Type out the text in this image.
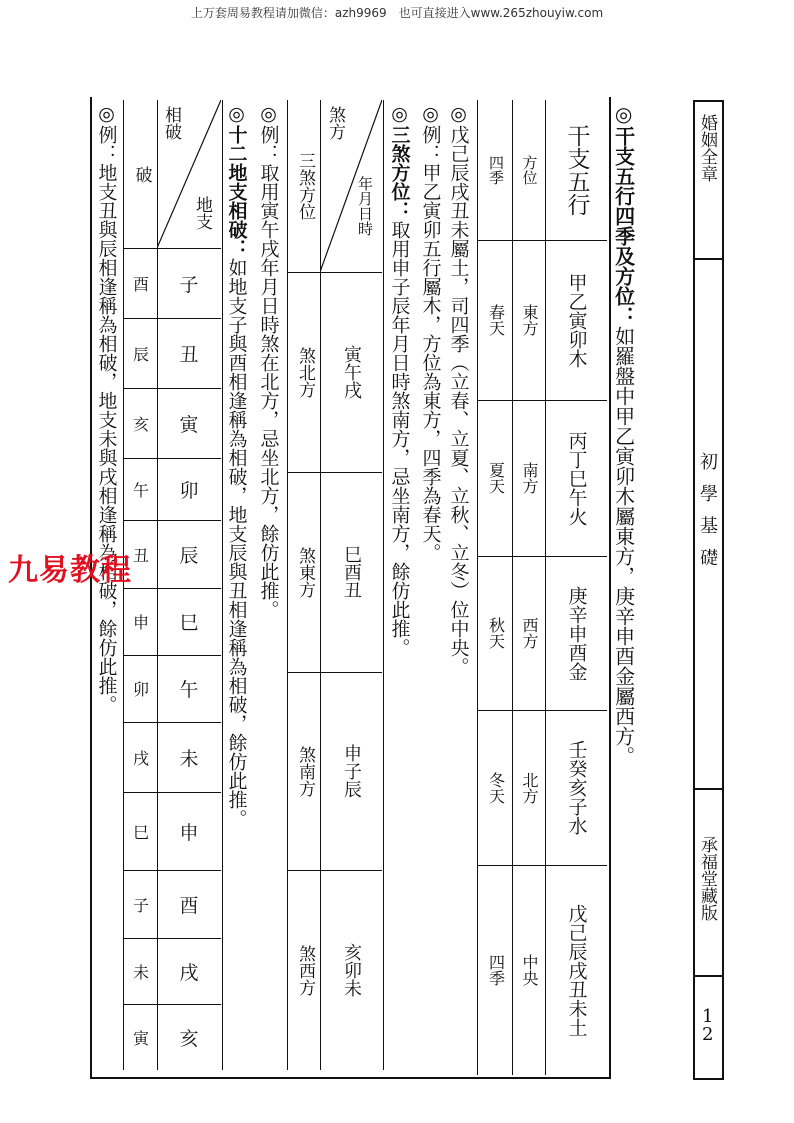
上万套周易教程请加微信：azh9969　也可直接进入www.265zhouyiw.com
婚姻全章
初學基礎
承福堂藏版
12
◎干支五行四季及方位：如羅盤中甲乙寅卯木屬東方，庚辛申酉金屬西方。
干支五行
方位
四季
甲乙寅卯木
東方
春天
丙丁巳午火
南方
夏天
庚辛申酉金
西方
秋天
壬癸亥子水
北方
冬天
戊己辰戌丑未土
中央
四季
◎戊己辰戌丑未屬土，司四季（立春、立夏、立秋、立冬）位中央。
◎例：甲乙寅卯五行屬木，方位為東方，四季為春天。
◎三煞方位：取用申子辰年月日時煞南方，忌坐南方，餘仿此推。
煞方
年月日時
三煞方位
寅午戌
煞北方
巳酉丑
煞東方
申子辰
煞南方
亥卯未
煞西方
◎例：取用寅午戌年月日時煞在北方，忌坐北方，餘仿此推。
◎十二地支相破：如地支子與酉相逢稱為相破，地支辰與丑相逢稱為相破，餘仿此推。
地支
相破
破
子
酉
丑
辰
寅
亥
卯
午
辰
丑
巳
申
午
卯
未
戌
申
巳
酉
子
戌
未
亥
寅
◎例：地支丑與辰相逢稱為相破，地支未與戌相逢稱為相破，餘仿此推。
九易教程
